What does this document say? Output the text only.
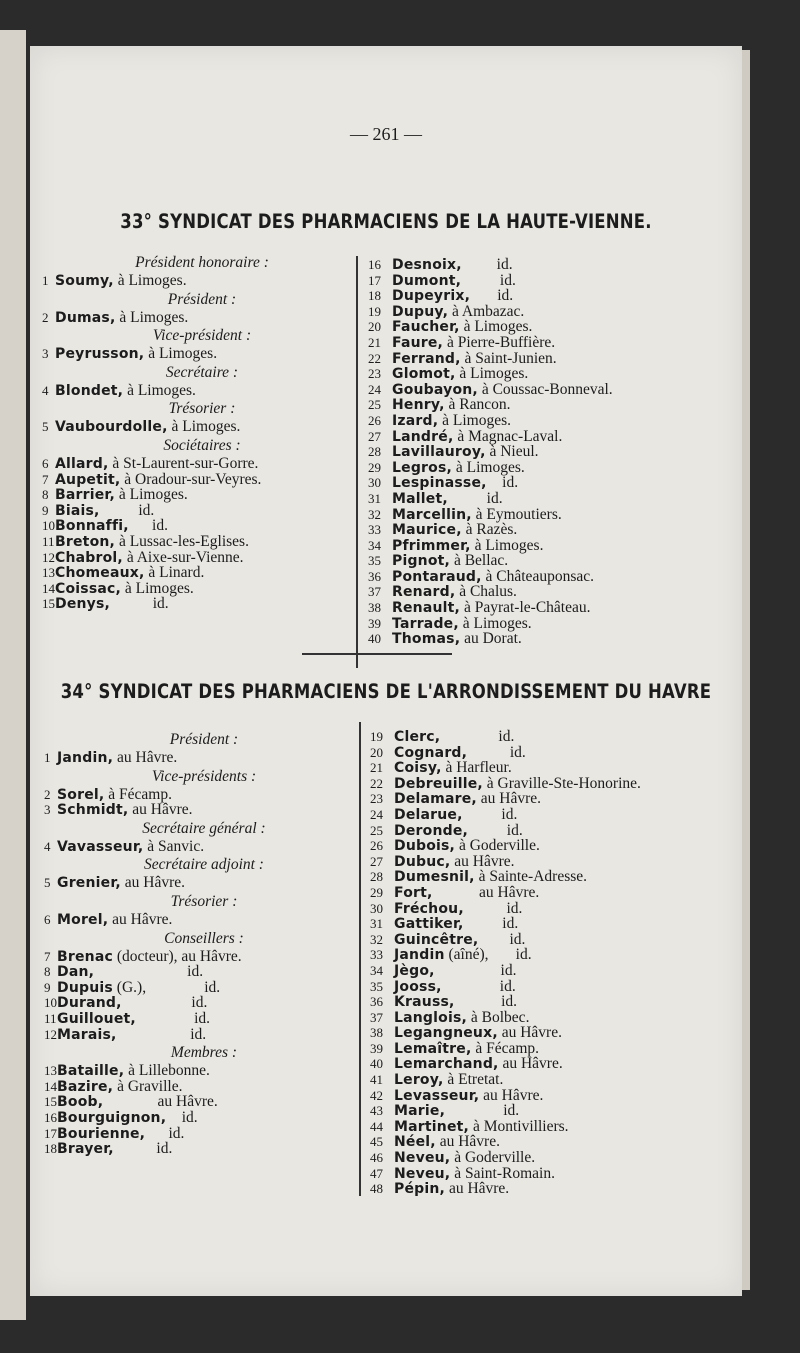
— 261 —
33° SYNDICAT DES PHARMACIENS DE LA HAUTE-VIENNE.
Président honoraire :
1 Soumy, à Limoges.
Président :
2 Dumas, à Limoges.
Vice-président :
3 Peyrusson, à Limoges.
Secrétaire :
4 Blondet, à Limoges.
Trésorier :
5 Vaubourdolle, à Limoges.
Sociétaires :
6 Allard, à St-Laurent-sur-Gorre.
7 Aupetit, à Oradour-sur-Veyres.
8 Barrier, à Limoges.
9 Biais,          id.
10Bonnaffi,      id.
11Breton, à Lussac-les-Eglises.
12Chabrol, à Aixe-sur-Vienne.
13Chomeaux, à Linard.
14Coissac, à Limoges.
15Denys,           id.
16 Desnoix,         id.
17 Dumont,          id.
18 Dupeyrix,       id.
19 Dupuy, à Ambazac.
20 Faucher, à Limoges.
21 Faure, à Pierre-Buffière.
22 Ferrand, à Saint-Junien.
23 Glomot, à Limoges.
24 Goubayon, à Coussac-Bonneval.
25 Henry, à Rancon.
26 Izard, à Limoges.
27 Landré, à Magnac-Laval.
28 Lavillauroy, à Nieul.
29 Legros, à Limoges.
30 Lespinasse,    id.
31 Mallet,          id.
32 Marcellin, à Eymoutiers.
33 Maurice, à Razès.
34 Pfrimmer, à Limoges.
35 Pignot, à Bellac.
36 Pontaraud, à Châteauponsac.
37 Renard, à Chalus.
38 Renault, à Payrat-le-Château.
39 Tarrade, à Limoges.
40 Thomas, au Dorat.
34° SYNDICAT DES PHARMACIENS DE L'ARRONDISSEMENT DU HAVRE
Président :
1 Jandin, au Hâvre.
Vice-présidents :
2 Sorel, à Fécamp.
3 Schmidt, au Hâvre.
Secrétaire général :
4 Vavasseur, à Sanvic.
Secrétaire adjoint :
5 Grenier, au Hâvre.
Trésorier :
6 Morel, au Hâvre.
Conseillers :
7 Brenac (docteur), au Hâvre.
8 Dan,                        id.
9 Dupuis (G.),               id.
10Durand,                  id.
11Guillouet,               id.
12Marais,                   id.
Membres :
13Bataille, à Lillebonne.
14Bazire, à Graville.
15Boob,              au Hâvre.
16Bourguignon,    id.
17Bourienne,      id.
18Brayer,           id.
19 Clerc,               id.
20 Cognard,           id.
21 Coisy, à Harfleur.
22 Debreuille, à Graville-Ste-Honorine.
23 Delamare, au Hâvre.
24 Delarue,          id.
25 Deronde,          id.
26 Dubois, à Goderville.
27 Dubuc, au Hâvre.
28 Dumesnil, à Sainte-Adresse.
29 Fort,            au Hâvre.
30 Fréchou,           id.
31 Gattiker,          id.
32 Guincêtre,        id.
33 Jandin (aîné),       id.
34 Jègo,                 id.
35 Jooss,               id.
36 Krauss,            id.
37 Langlois, à Bolbec.
38 Legangneux, au Hâvre.
39 Lemaître, à Fécamp.
40 Lemarchand, au Hâvre.
41 Leroy, à Etretat.
42 Levasseur, au Hâvre.
43 Marie,               id.
44 Martinet, à Montivilliers.
45 Néel, au Hâvre.
46 Neveu, à Goderville.
47 Neveu, à Saint-Romain.
48 Pépin, au Hâvre.
